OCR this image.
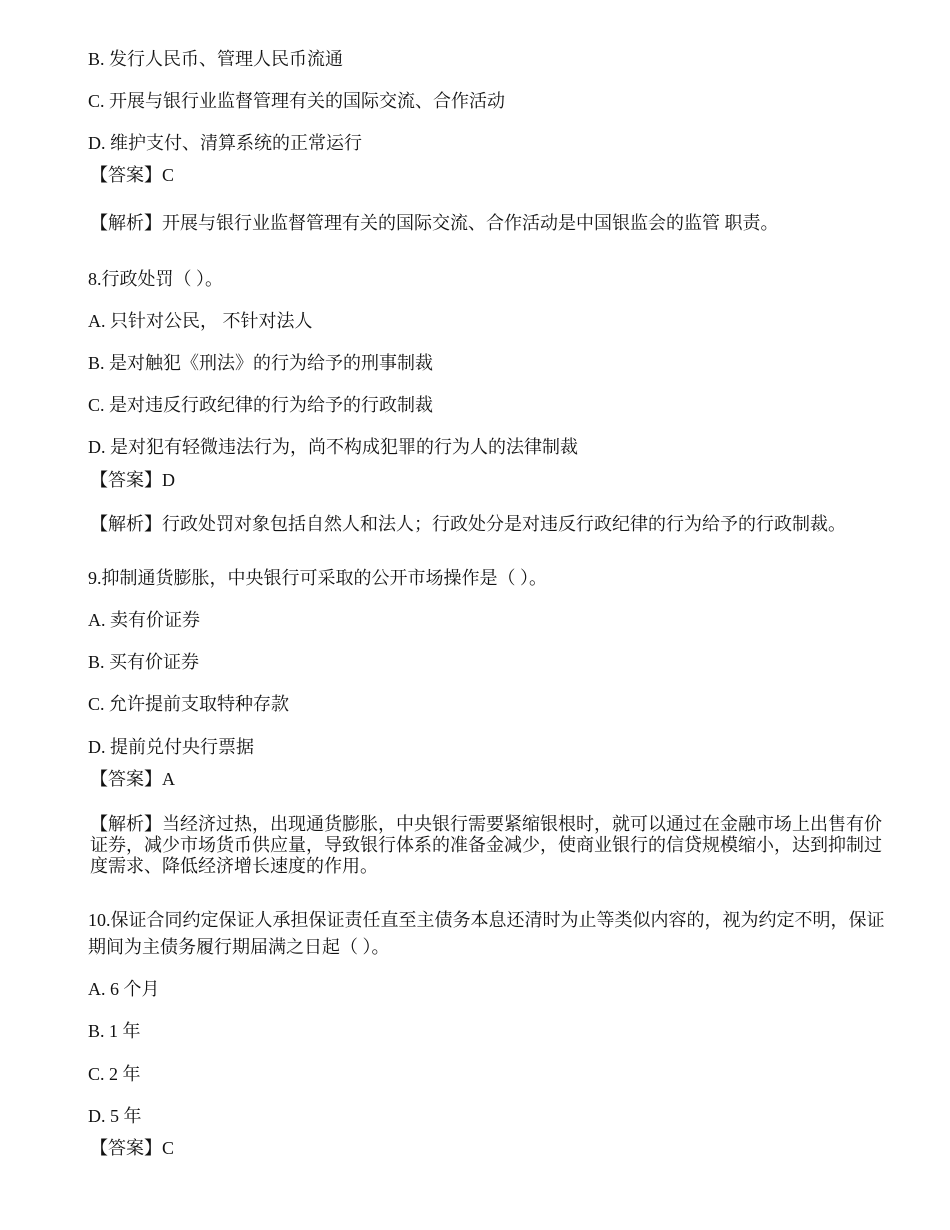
B. 发行人民币、管理人民币流通
C. 开展与银行业监督管理有关的国际交流、合作活动
D. 维护支付、清算系统的正常运行
【答案】C
【解析】开展与银行业监督管理有关的国际交流、合作活动是中国银监会的监管 职责。
8.行政处罚（ ）。
A. 只针对公民， 不针对法人
B. 是对触犯《刑法》的行为给予的刑事制裁
C. 是对违反行政纪律的行为给予的行政制裁
D. 是对犯有轻微违法行为，尚不构成犯罪的行为人的法律制裁
【答案】D
【解析】行政处罚对象包括自然人和法人；行政处分是对违反行政纪律的行为给予的行政制裁。
9.抑制通货膨胀，中央银行可采取的公开市场操作是（ ）。
A. 卖有价证券
B. 买有价证券
C. 允许提前支取特种存款
D. 提前兑付央行票据
【答案】A
【解析】当经济过热，出现通货膨胀，中央银行需要紧缩银根时，就可以通过在金融市场上出售有价证券，减少市场货币供应量，导致银行体系的准备金减少，使商业银行的信贷规模缩小，达到抑制过度需求、降低经济增长速度的作用。
10.保证合同约定保证人承担保证责任直至主债务本息还清时为止等类似内容的，视为约定不明，保证期间为主债务履行期届满之日起（ ）。
A. 6 个月
B. 1 年
C. 2 年
D. 5 年
【答案】C
